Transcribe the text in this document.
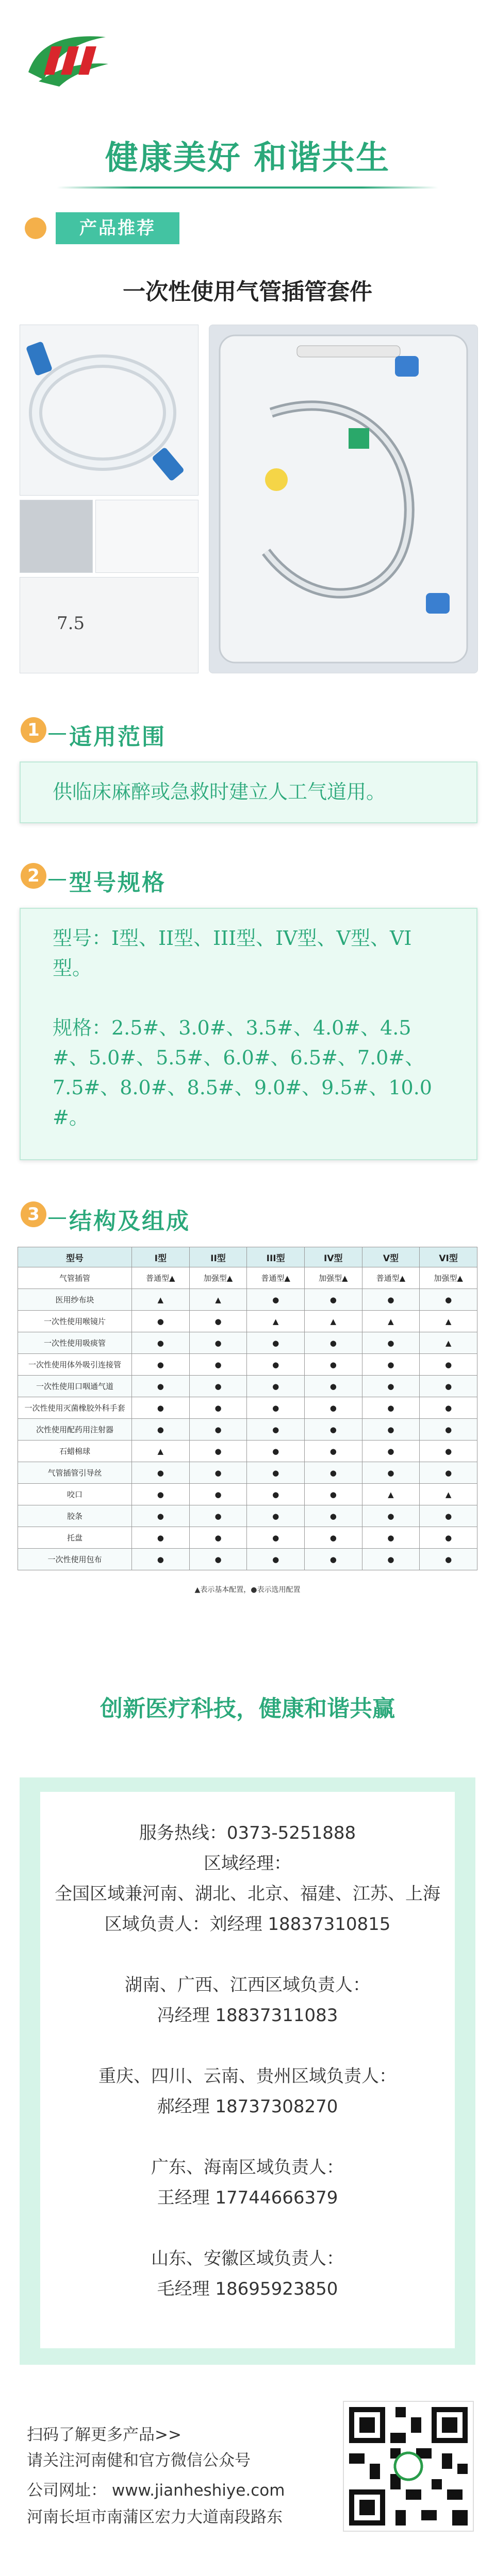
健康美好 和谐共生
产品推荐
一次性使用气管插管套件
7.5
1 适用范围
供临床麻醉或急救时建立人工气道用。
2 型号规格
型号：I型、II型、III型、IV型、V型、VI
型。
规格：2.5#、3.0#、3.5#、4.0#、4.5
#、5.0#、5.5#、6.0#、6.5#、7.0#、
7.5#、8.0#、8.5#、9.0#、9.5#、10.0
#。
3 结构及组成
型号	I型	II型	III型	IV型	V型	VI型
气管插管	普通型▲	加强型▲	普通型▲	加强型▲	普通型▲	加强型▲
医用纱布块	▲	▲	●	●	●	●
一次性使用喉镜片	●	●	▲	▲	▲	▲
一次性使用吸痰管	●	●	●	●	●	▲
一次性使用体外吸引连接管	●	●	●	●	●	●
一次性使用口咽通气道	●	●	●	●	●	●
一次性使用灭菌橡胶外科手套	●	●	●	●	●	●
次性使用配药用注射器	●	●	●	●	●	●
石蜡棉球	▲	●	●	●	●	●
气管插管引导丝	●	●	●	●	●	●
咬口	●	●	●	●	▲	▲
胶条	●	●	●	●	●	●
托盘	●	●	●	●	●	●
一次性使用包布	●	●	●	●	●	●
▲表示基本配置，●表示选用配置
创新医疗科技，健康和谐共赢
服务热线：0373-5251888
区域经理：
全国区域兼河南、湖北、北京、福建、江苏、上海
区域负责人：刘经理 18837310815
湖南、广西、江西区域负责人：
冯经理 18837311083
重庆、四川、云南、贵州区域负责人：
郝经理 18737308270
广东、海南区域负责人：
王经理 17744666379
山东、安徽区域负责人：
毛经理 18695923850
扫码了解更多产品>>
请关注河南健和官方微信公众号
公司网址： www.jianheshiye.com
河南长垣市南蒲区宏力大道南段路东
